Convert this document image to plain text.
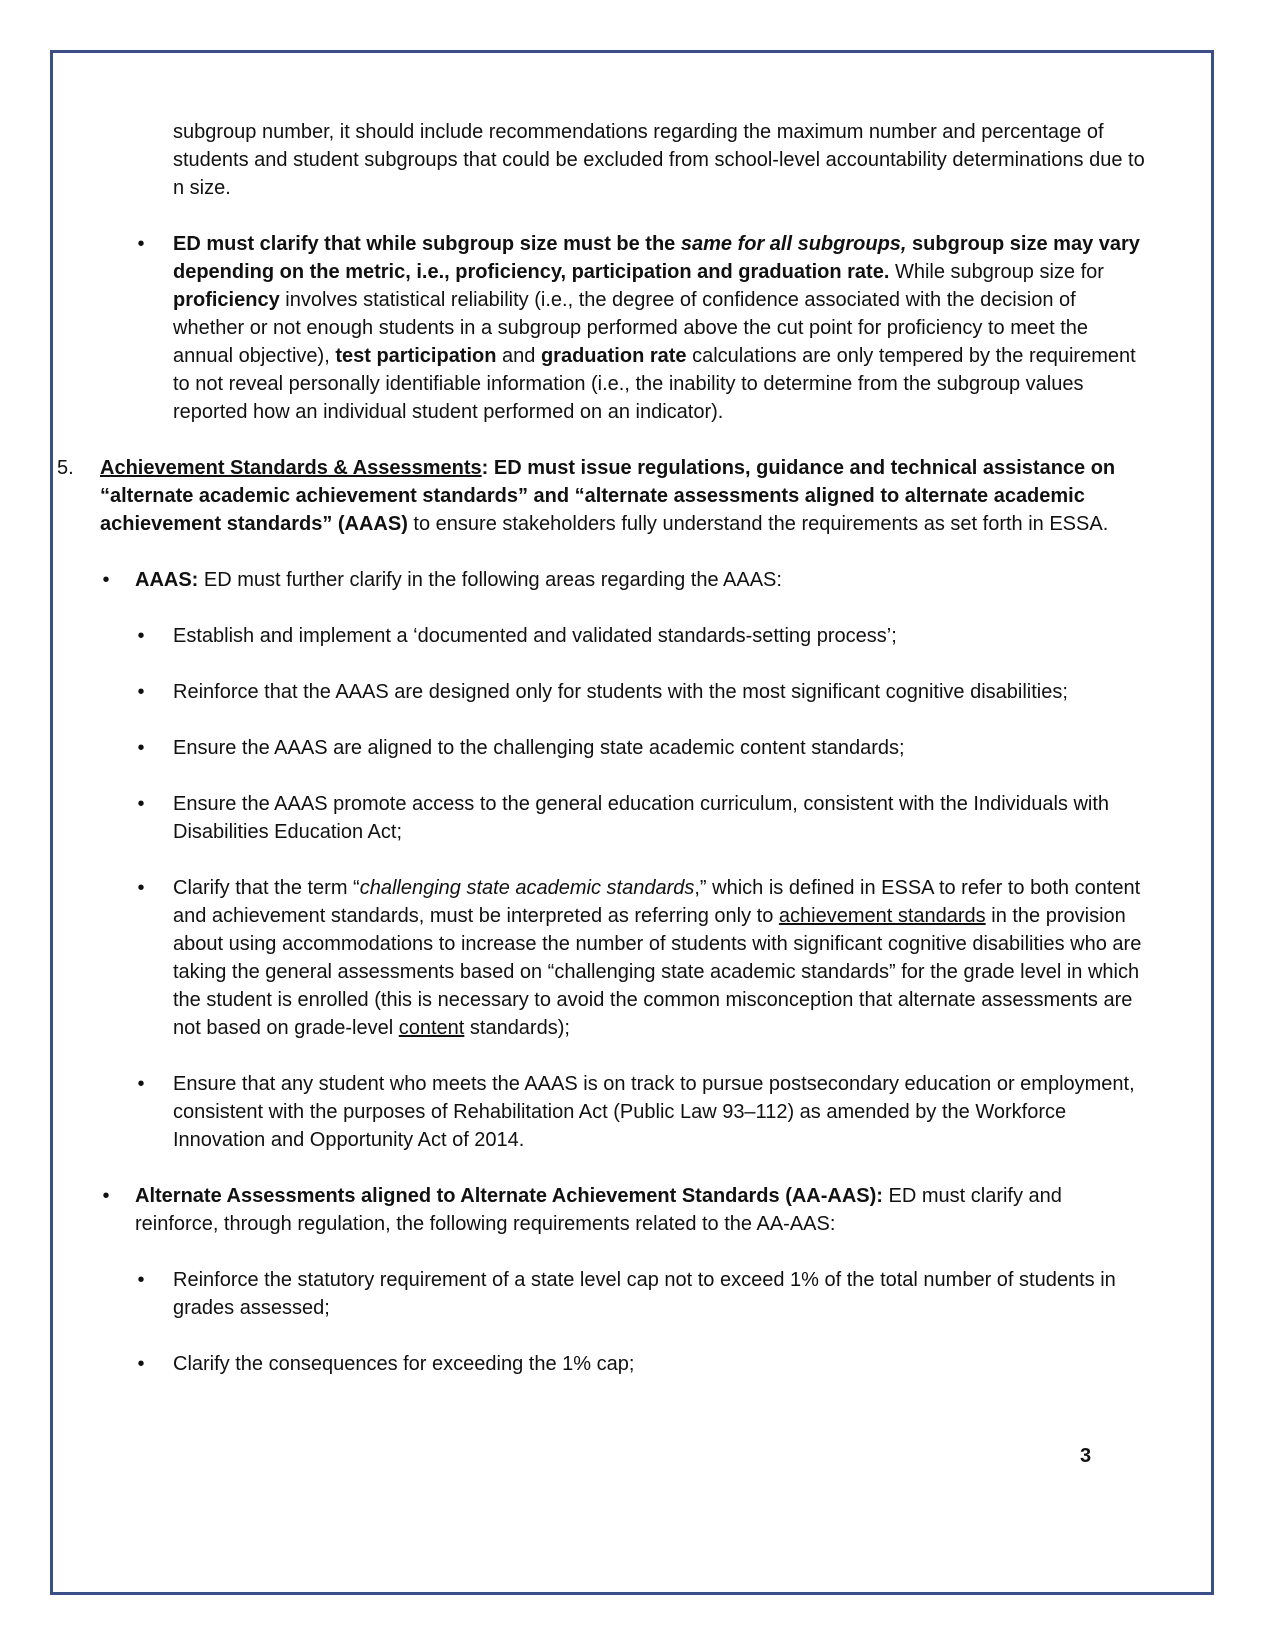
subgroup number, it should include recommendations regarding the maximum number and percentage of students and student subgroups that could be excluded from school-level accountability determinations due to n size.

• ED must clarify that while subgroup size must be the same for all subgroups, subgroup size may vary depending on the metric, i.e., proficiency, participation and graduation rate. While subgroup size for proficiency involves statistical reliability (i.e., the degree of confidence associated with the decision of whether or not enough students in a subgroup performed above the cut point for proficiency to meet the annual objective), test participation and graduation rate calculations are only tempered by the requirement to not reveal personally identifiable information (i.e., the inability to determine from the subgroup values reported how an individual student performed on an indicator).

5. Achievement Standards & Assessments: ED must issue regulations, guidance and technical assistance on “alternate academic achievement standards” and “alternate assessments aligned to alternate academic achievement standards” (AAAS) to ensure stakeholders fully understand the requirements as set forth in ESSA.

• AAAS: ED must further clarify in the following areas regarding the AAAS:

• Establish and implement a ‘documented and validated standards-setting process’;

• Reinforce that the AAAS are designed only for students with the most significant cognitive disabilities;

• Ensure the AAAS are aligned to the challenging state academic content standards;

• Ensure the AAAS promote access to the general education curriculum, consistent with the Individuals with Disabilities Education Act;

• Clarify that the term “challenging state academic standards,” which is defined in ESSA to refer to both content and achievement standards, must be interpreted as referring only to achievement standards in the provision about using accommodations to increase the number of students with significant cognitive disabilities who are taking the general assessments based on “challenging state academic standards” for the grade level in which the student is enrolled (this is necessary to avoid the common misconception that alternate assessments are not based on grade-level content standards);

• Ensure that any student who meets the AAAS is on track to pursue postsecondary education or employment, consistent with the purposes of Rehabilitation Act (Public Law 93–112) as amended by the Workforce Innovation and Opportunity Act of 2014.

• Alternate Assessments aligned to Alternate Achievement Standards (AA-AAS): ED must clarify and reinforce, through regulation, the following requirements related to the AA-AAS:

• Reinforce the statutory requirement of a state level cap not to exceed 1% of the total number of students in grades assessed;

• Clarify the consequences for exceeding the 1% cap;

3
